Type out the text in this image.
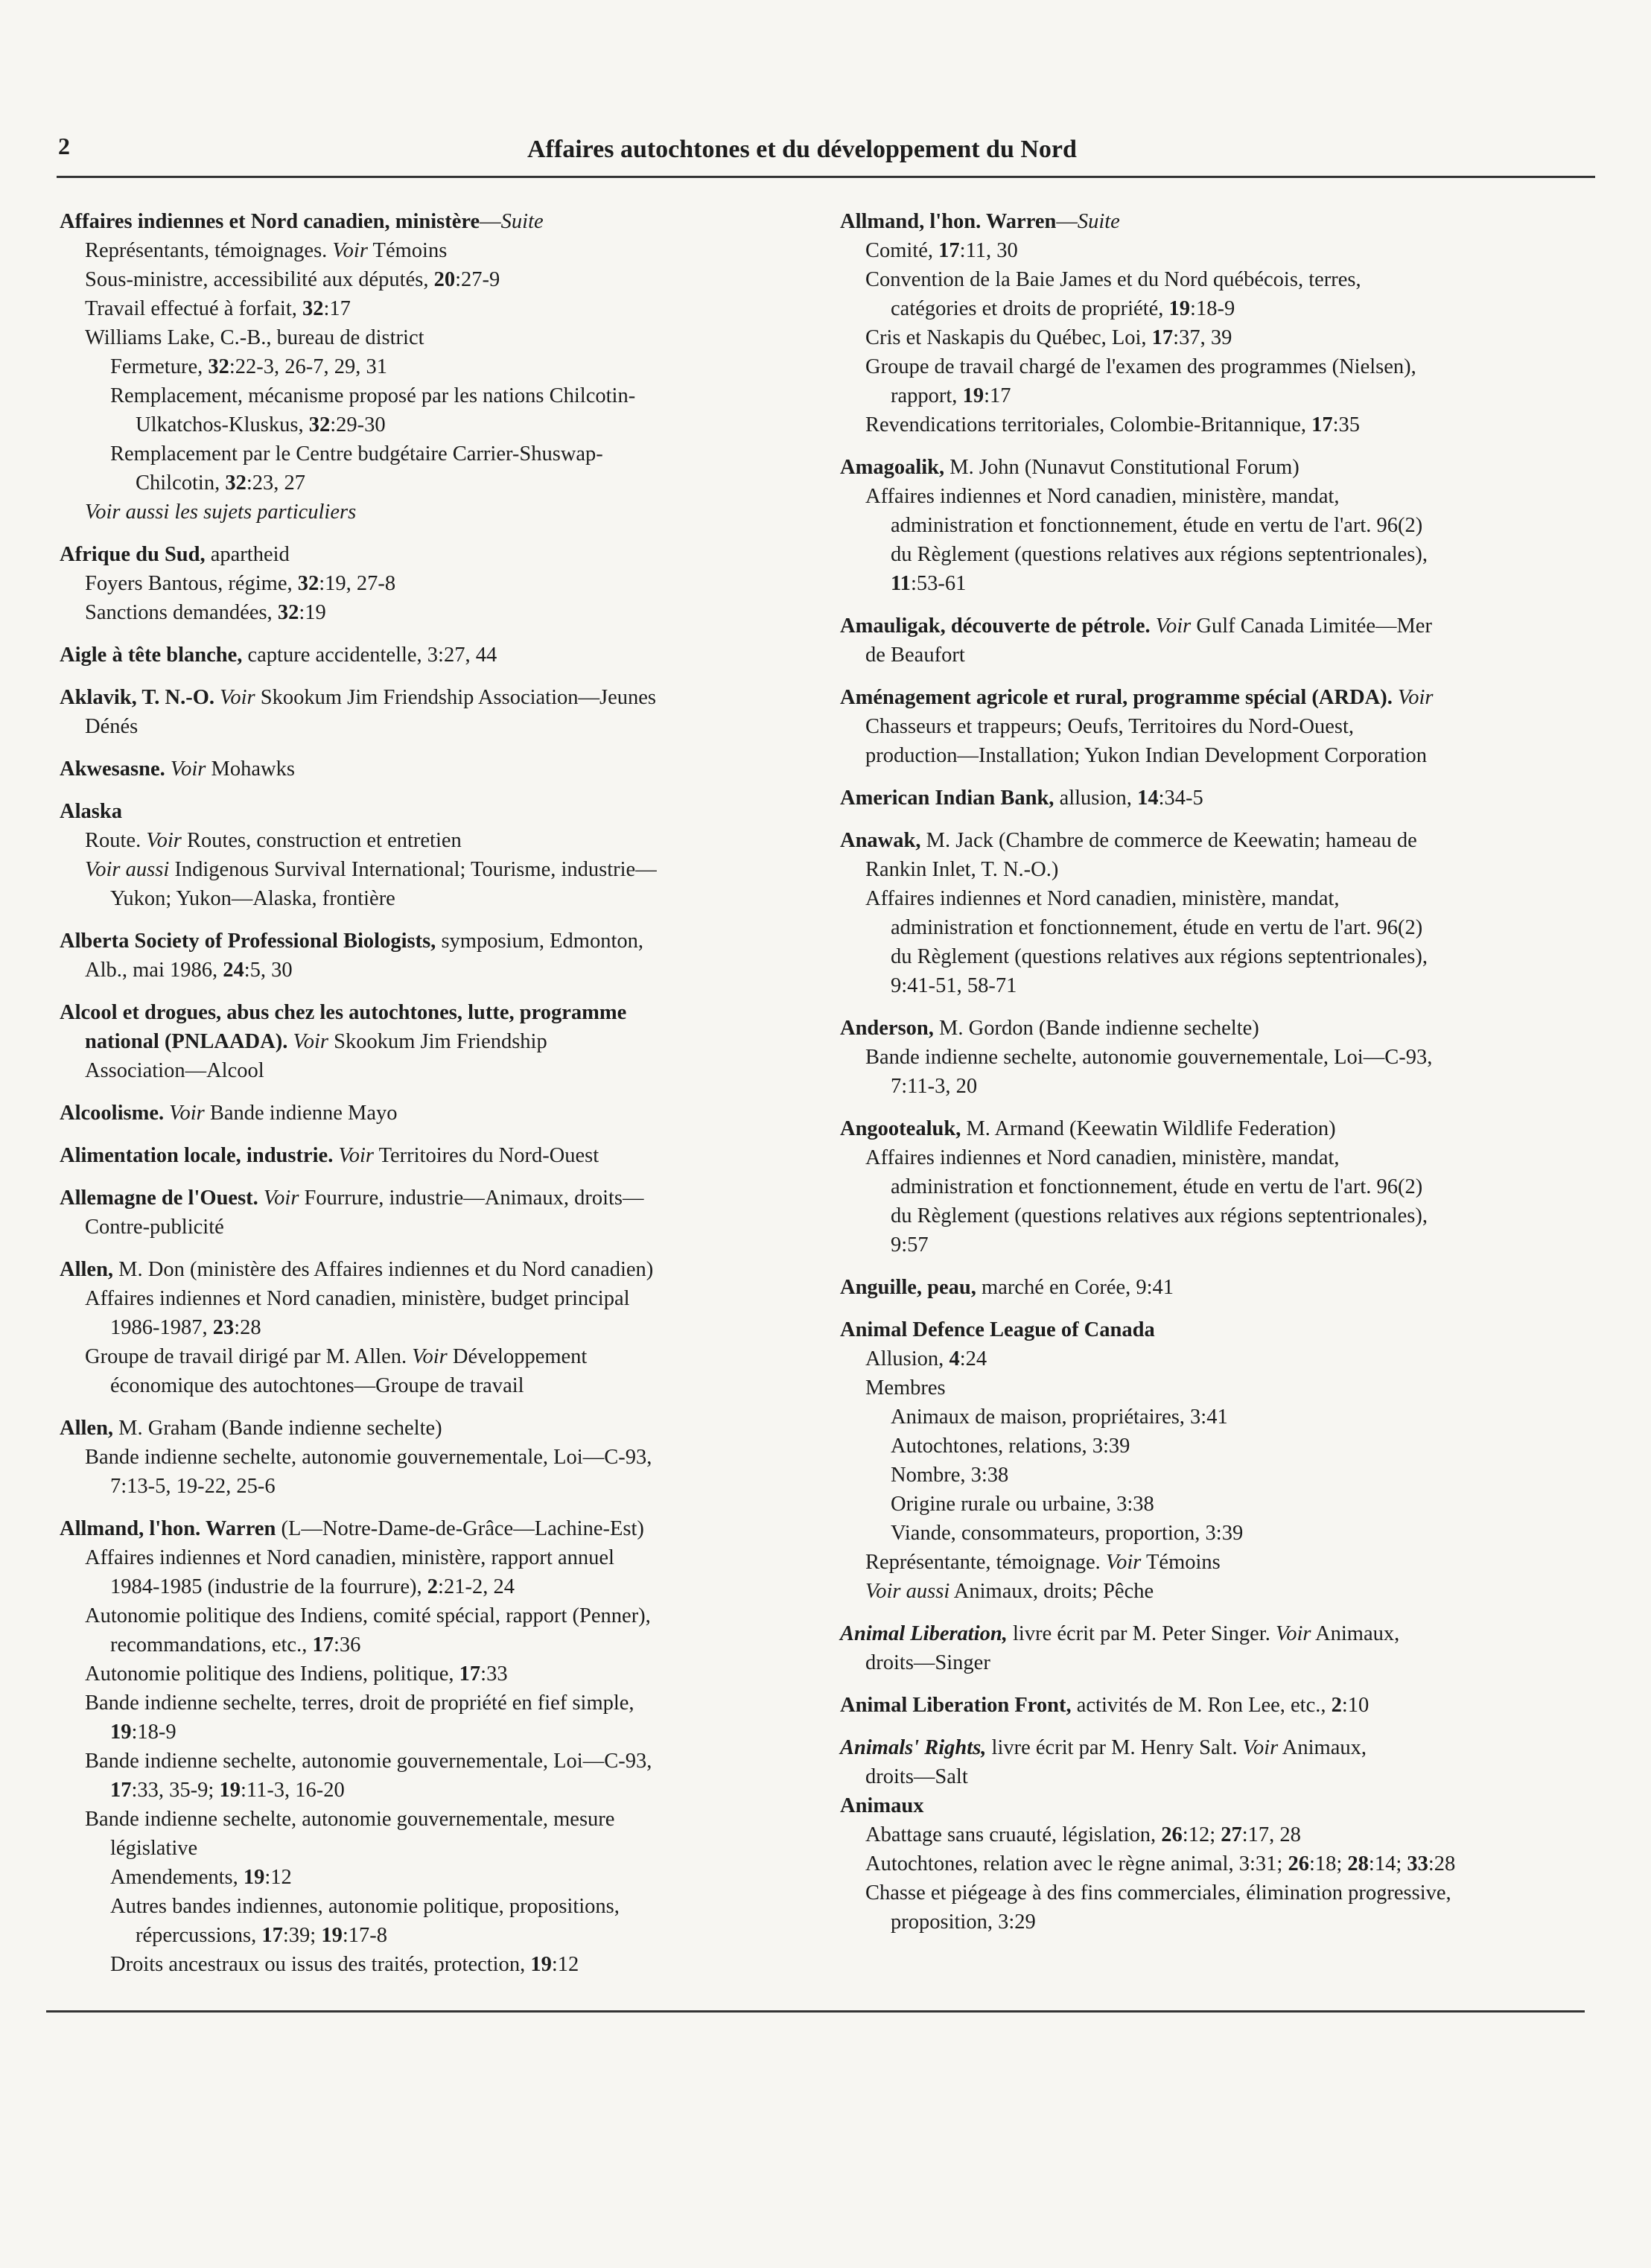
2	Affaires autochtones et du développement du Nord
Affaires indiennes et Nord canadien, ministère—Suite
Représentants, témoignages. Voir Témoins
Sous-ministre, accessibilité aux députés, 20:27-9
Travail effectué à forfait, 32:17
Williams Lake, C.-B., bureau de district
Fermeture, 32:22-3, 26-7, 29, 31
Remplacement, mécanisme proposé par les nations Chilcotin-
Ulkatchos-Kluskus, 32:29-30
Remplacement par le Centre budgétaire Carrier-Shuswap-
Chilcotin, 32:23, 27
Voir aussi les sujets particuliers
Afrique du Sud, apartheid
Foyers Bantous, régime, 32:19, 27-8
Sanctions demandées, 32:19
Aigle à tête blanche, capture accidentelle, 3:27, 44
Aklavik, T. N.-O. Voir Skookum Jim Friendship Association—Jeunes
Dénés
Akwesasne. Voir Mohawks
Alaska
Route. Voir Routes, construction et entretien
Voir aussi Indigenous Survival International; Tourisme, industrie—
Yukon; Yukon—Alaska, frontière
Alberta Society of Professional Biologists, symposium, Edmonton,
Alb., mai 1986, 24:5, 30
Alcool et drogues, abus chez les autochtones, lutte, programme
national (PNLAADA). Voir Skookum Jim Friendship
Association—Alcool
Alcoolisme. Voir Bande indienne Mayo
Alimentation locale, industrie. Voir Territoires du Nord-Ouest
Allemagne de l'Ouest. Voir Fourrure, industrie—Animaux, droits—
Contre-publicité
Allen, M. Don (ministère des Affaires indiennes et du Nord canadien)
Affaires indiennes et Nord canadien, ministère, budget principal
1986-1987, 23:28
Groupe de travail dirigé par M. Allen. Voir Développement
économique des autochtones—Groupe de travail
Allen, M. Graham (Bande indienne sechelte)
Bande indienne sechelte, autonomie gouvernementale, Loi—C-93,
7:13-5, 19-22, 25-6
Allmand, l'hon. Warren (L—Notre-Dame-de-Grâce—Lachine-Est)
Affaires indiennes et Nord canadien, ministère, rapport annuel
1984-1985 (industrie de la fourrure), 2:21-2, 24
Autonomie politique des Indiens, comité spécial, rapport (Penner),
recommandations, etc., 17:36
Autonomie politique des Indiens, politique, 17:33
Bande indienne sechelte, terres, droit de propriété en fief simple,
19:18-9
Bande indienne sechelte, autonomie gouvernementale, Loi—C-93,
17:33, 35-9; 19:11-3, 16-20
Bande indienne sechelte, autonomie gouvernementale, mesure
législative
Amendements, 19:12
Autres bandes indiennes, autonomie politique, propositions,
répercussions, 17:39; 19:17-8
Droits ancestraux ou issus des traités, protection, 19:12
Allmand, l'hon. Warren—Suite
Comité, 17:11, 30
Convention de la Baie James et du Nord québécois, terres,
catégories et droits de propriété, 19:18-9
Cris et Naskapis du Québec, Loi, 17:37, 39
Groupe de travail chargé de l'examen des programmes (Nielsen),
rapport, 19:17
Revendications territoriales, Colombie-Britannique, 17:35
Amagoalik, M. John (Nunavut Constitutional Forum)
Affaires indiennes et Nord canadien, ministère, mandat,
administration et fonctionnement, étude en vertu de l'art. 96(2)
du Règlement (questions relatives aux régions septentrionales),
11:53-61
Amauligak, découverte de pétrole. Voir Gulf Canada Limitée—Mer
de Beaufort
Aménagement agricole et rural, programme spécial (ARDA). Voir
Chasseurs et trappeurs; Oeufs, Territoires du Nord-Ouest,
production—Installation; Yukon Indian Development Corporation
American Indian Bank, allusion, 14:34-5
Anawak, M. Jack (Chambre de commerce de Keewatin; hameau de
Rankin Inlet, T. N.-O.)
Affaires indiennes et Nord canadien, ministère, mandat,
administration et fonctionnement, étude en vertu de l'art. 96(2)
du Règlement (questions relatives aux régions septentrionales),
9:41-51, 58-71
Anderson, M. Gordon (Bande indienne sechelte)
Bande indienne sechelte, autonomie gouvernementale, Loi—C-93,
7:11-3, 20
Angootealuk, M. Armand (Keewatin Wildlife Federation)
Affaires indiennes et Nord canadien, ministère, mandat,
administration et fonctionnement, étude en vertu de l'art. 96(2)
du Règlement (questions relatives aux régions septentrionales),
9:57
Anguille, peau, marché en Corée, 9:41
Animal Defence League of Canada
Allusion, 4:24
Membres
Animaux de maison, propriétaires, 3:41
Autochtones, relations, 3:39
Nombre, 3:38
Origine rurale ou urbaine, 3:38
Viande, consommateurs, proportion, 3:39
Représentante, témoignage. Voir Témoins
Voir aussi Animaux, droits; Pêche
Animal Liberation, livre écrit par M. Peter Singer. Voir Animaux,
droits—Singer
Animal Liberation Front, activités de M. Ron Lee, etc., 2:10
Animals' Rights, livre écrit par M. Henry Salt. Voir Animaux,
droits—Salt
Animaux
Abattage sans cruauté, législation, 26:12; 27:17, 28
Autochtones, relation avec le règne animal, 3:31; 26:18; 28:14; 33:28
Chasse et piégeage à des fins commerciales, élimination progressive,
proposition, 3:29
